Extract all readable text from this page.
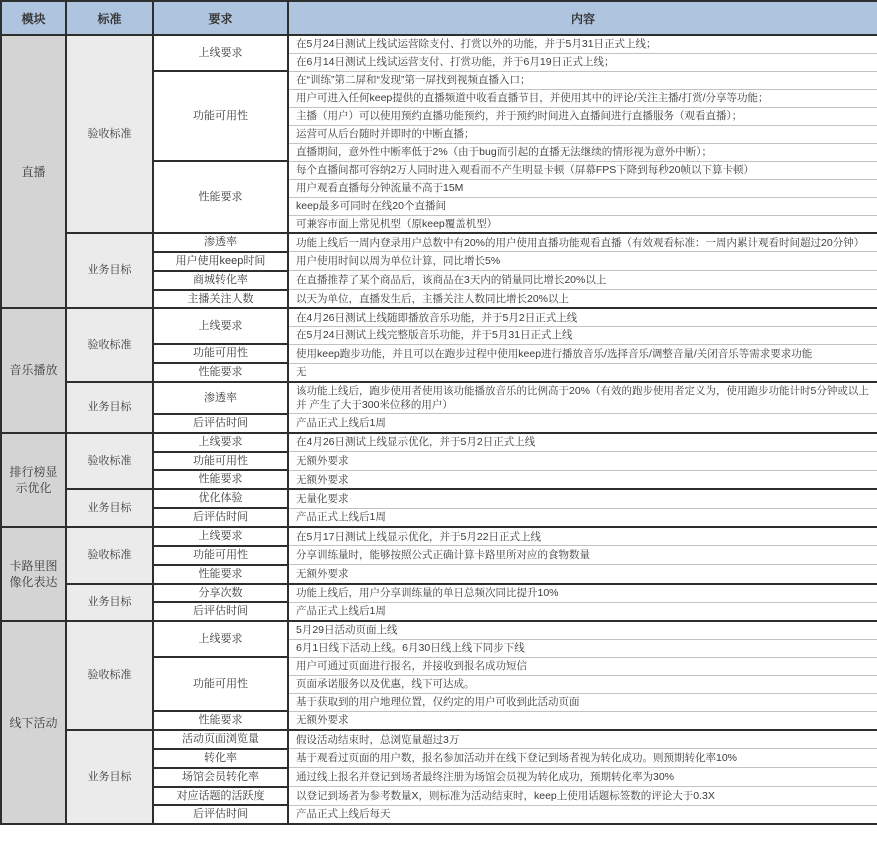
模块	标准	要求	内容
直播	验收标准	上线要求	在5月24日测试上线试运营除支付、打赏以外的功能，并于5月31日正式上线；
			在6月14日测试上线试运营支付、打赏功能，并于6月19日正式上线；
		功能可用性	在“训练”第二屏和“发现”第一屏找到视频直播入口；
			用户可进入任何keep提供的直播频道中收看直播节目，并使用其中的评论/关注主播/打赏/分享等功能；
			主播（用户）可以使用预约直播功能预约，并于预约时间进入直播间进行直播服务（观看直播）；
			运营可从后台随时并即时的中断直播；
			直播期间，意外性中断率低于2%（由于bug而引起的直播无法继续的情形视为意外中断）；
		性能要求	每个直播间都可容纳2万人同时进入观看而不产生明显卡顿（屏幕FPS下降到每秒20帧以下算卡顿）
			用户观看直播每分钟流量不高于15M
			keep最多可同时在线20个直播间
			可兼容市面上常见机型（原keep覆盖机型）
	业务目标	渗透率	功能上线后一周内登录用户总数中有20%的用户使用直播功能观看直播（有效观看标准：一周内累计观看时间超过20分钟）
		用户使用keep时间	用户使用时间以周为单位计算，同比增长5%
		商城转化率	在直播推荐了某个商品后，该商品在3天内的销量同比增长20%以上
		主播关注人数	以天为单位，直播发生后，主播关注人数同比增长20%以上
音乐播放	验收标准	上线要求	在4月26日测试上线随即播放音乐功能，并于5月2日正式上线
			在5月24日测试上线完整版音乐功能，并于5月31日正式上线
		功能可用性	使用keep跑步功能，并且可以在跑步过程中使用keep进行播放音乐/选择音乐/调整音量/关闭音乐等需求要求功能
		性能要求	无
	业务目标	渗透率	该功能上线后，跑步使用者使用该功能播放音乐的比例高于20%（有效的跑步使用者定义为，使用跑步功能计时5分钟或以上并 产生了大于300米位移的用户）
		后评估时间	产品正式上线后1周
排行榜显示优化	验收标准	上线要求	在4月26日测试上线显示优化，并于5月2日正式上线
		功能可用性	无额外要求
		性能要求	无额外要求
	业务目标	优化体验	无量化要求
		后评估时间	产品正式上线后1周
卡路里图像化表达	验收标准	上线要求	在5月17日测试上线显示优化，并于5月22日正式上线
		功能可用性	分享训练量时，能够按照公式正确计算卡路里所对应的食物数量
		性能要求	无额外要求
	业务目标	分享次数	功能上线后，用户分享训练量的单日总频次同比提升10%
		后评估时间	产品正式上线后1周
线下活动	验收标准	上线要求	5月29日活动页面上线
			6月1日线下活动上线。6月30日线上线下同步下线
		功能可用性	用户可通过页面进行报名，并接收到报名成功短信
			页面承诺服务以及优惠，线下可达成。
			基于获取到的用户地理位置，仅约定的用户可收到此活动页面
		性能要求	无额外要求
	业务目标	活动页面浏览量	假设活动结束时，总浏览量超过3万
		转化率	基于观看过页面的用户数，报名参加活动并在线下登记到场者视为转化成功。则预期转化率10%
		场馆会员转化率	通过线上报名并登记到场者最终注册为场馆会员视为转化成功，预期转化率为30%
		对应话题的活跃度	以登记到场者为参考数量X，则标准为活动结束时，keep上使用话题标签数的评论大于0.3X
		后评估时间	产品正式上线后每天
